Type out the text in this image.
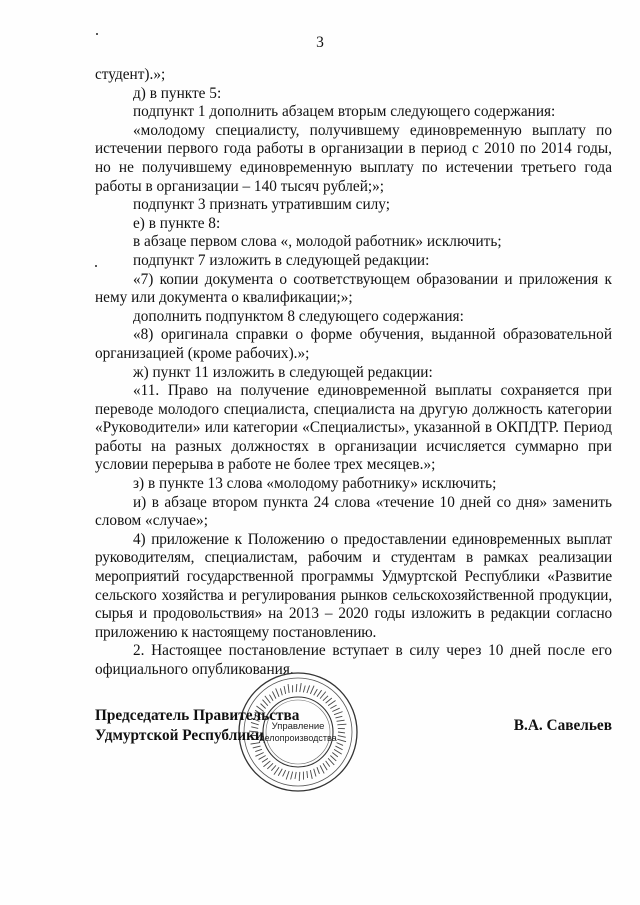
3

студент).»;

д) в пункте 5:

подпункт 1 дополнить абзацем вторым следующего содержания:

«молодому специалисту, получившему единовременную выплату по истечении первого года работы в организации в период с 2010 по 2014 годы, но не получившему единовременную выплату по истечении третьего года работы в организации – 140 тысяч рублей;»;

подпункт 3 признать утратившим силу;

е) в пункте 8:

в абзаце первом слова «, молодой работник» исключить;

подпункт 7 изложить в следующей редакции:

«7) копии документа о соответствующем образовании и приложения к нему или документа о квалификации;»;

дополнить подпунктом 8 следующего содержания:

«8) оригинала справки о форме обучения, выданной образовательной организацией (кроме рабочих).»;

ж) пункт 11 изложить в следующей редакции:

«11. Право на получение единовременной выплаты сохраняется при переводе молодого специалиста, специалиста на другую должность категории «Руководители» или категории «Специалисты», указанной в ОКПДТР. Период работы на разных должностях в организации исчисляется суммарно при условии перерыва в работе не более трех месяцев.»;

з) в пункте 13 слова «молодому работнику» исключить;

и) в абзаце втором пункта 24 слова «течение 10 дней со дня» заменить словом «случае»;

4) приложение к Положению о предоставлении единовременных выплат руководителям, специалистам, рабочим и студентам в рамках реализации мероприятий государственной программы Удмуртской Республики «Развитие сельского хозяйства и регулирования рынков сельскохозяйственной продукции, сырья и продовольствия» на 2013 – 2020 годы изложить в редакции согласно приложению к настоящему постановлению.

2. Настоящее постановление вступает в силу через 10 дней после его официального опубликования.

Управление
делопроизводства
Председатель Правительства
Удмуртской Республики
В.А. Савельев
